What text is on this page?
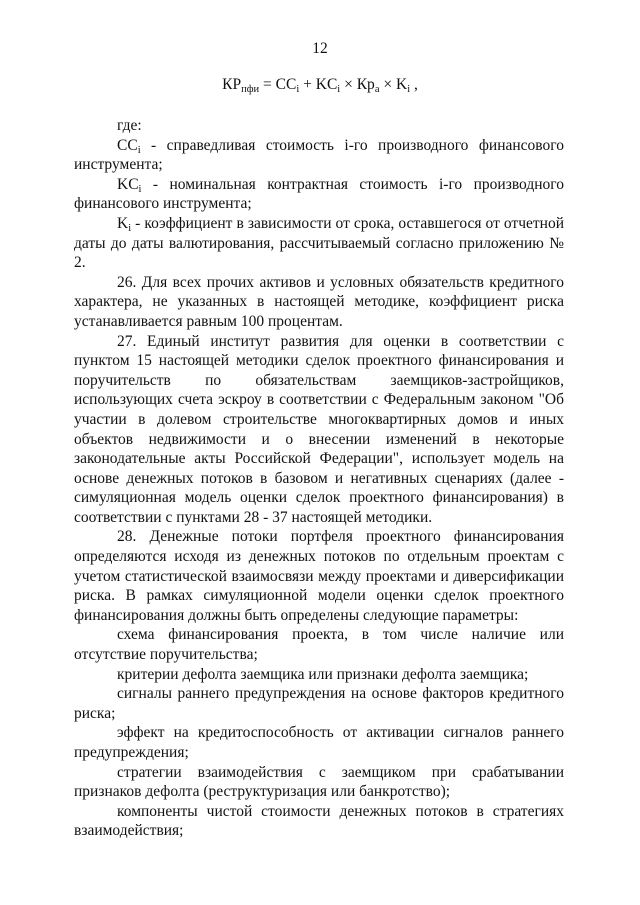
12
$КР_{пфи} = CC_i + KC_i \times Кр_a \times K_i$ ,

где:

$CC_i$ - справедливая стоимость i-го производного финансового инструмента;

$KC_i$ - номинальная контрактная стоимость i-го производного финансового инструмента;

$K_i$ - коэффициент в зависимости от срока, оставшегося от отчетной даты до даты валютирования, рассчитываемый согласно приложению № 2.

26. Для всех прочих активов и условных обязательств кредитного характера, не указанных в настоящей методике, коэффициент риска устанавливается равным 100 процентам.

27. Единый институт развития для оценки в соответствии с пунктом 15 настоящей методики сделок проектного финансирования и поручительств по обязательствам заемщиков-застройщиков, использующих счета эскроу в соответствии с Федеральным законом "Об участии в долевом строительстве многоквартирных домов и иных объектов недвижимости и о внесении изменений в некоторые законодательные акты Российской Федерации", использует модель на основе денежных потоков в базовом и негативных сценариях (далее - симуляционная модель оценки сделок проектного финансирования) в соответствии с пунктами 28 - 37 настоящей методики.

28. Денежные потоки портфеля проектного финансирования определяются исходя из денежных потоков по отдельным проектам с учетом статистической взаимосвязи между проектами и диверсификации риска. В рамках симуляционной модели оценки сделок проектного финансирования должны быть определены следующие параметры:

схема финансирования проекта, в том числе наличие или отсутствие поручительства;

критерии дефолта заемщика или признаки дефолта заемщика;

сигналы раннего предупреждения на основе факторов кредитного риска;

эффект на кредитоспособность от активации сигналов раннего предупреждения;

стратегии взаимодействия с заемщиком при срабатывании признаков дефолта (реструктуризация или банкротство);

компоненты чистой стоимости денежных потоков в стратегиях взаимодействия;
